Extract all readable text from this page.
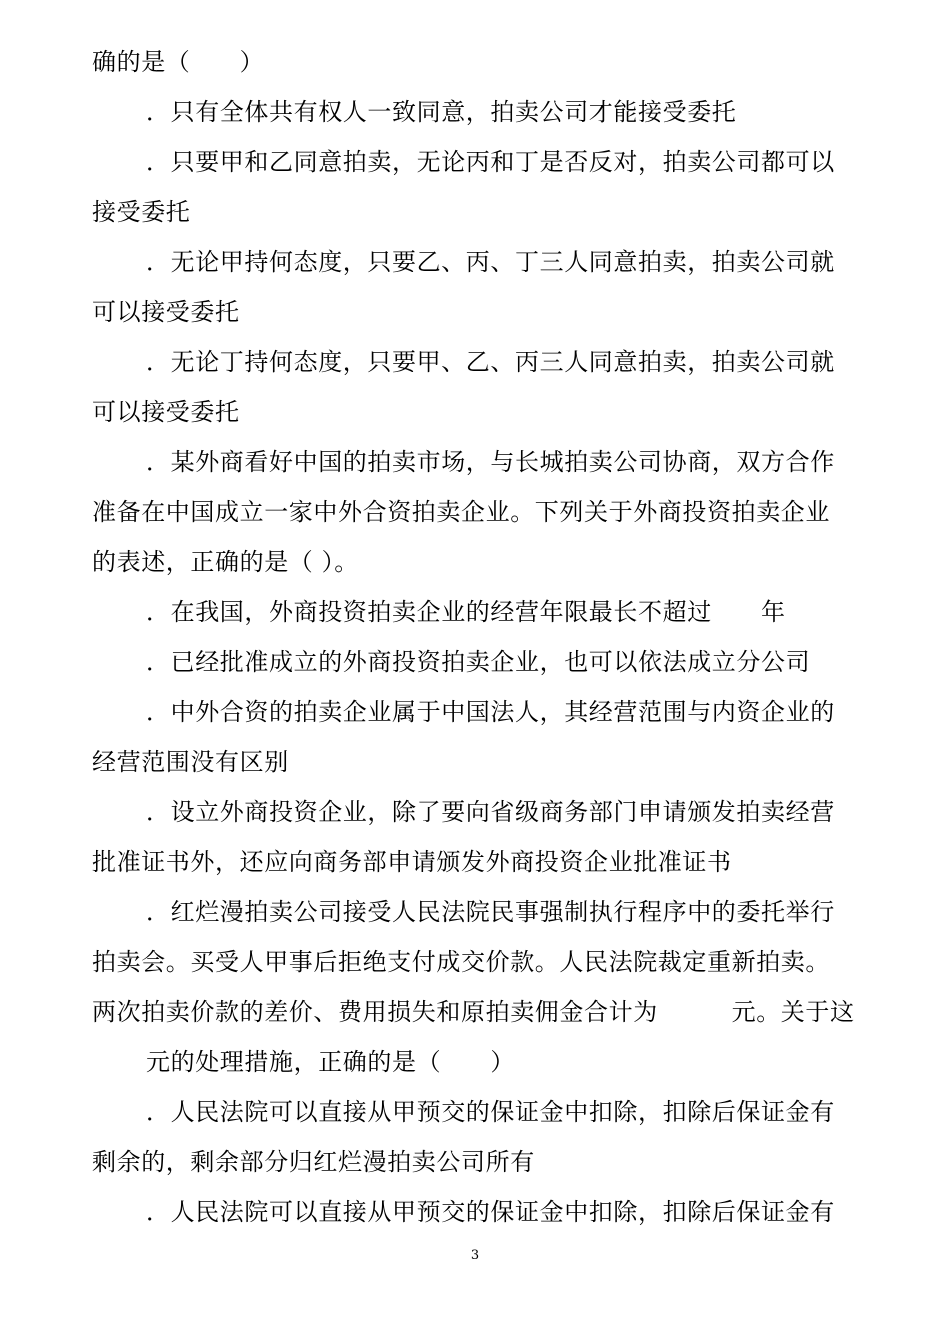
确的是（　　）
．只有全体共有权人一致同意，拍卖公司才能接受委托
．只要甲和乙同意拍卖，无论丙和丁是否反对，拍卖公司都可以
接受委托
．无论甲持何态度，只要乙、丙、丁三人同意拍卖，拍卖公司就
可以接受委托
．无论丁持何态度，只要甲、乙、丙三人同意拍卖，拍卖公司就
可以接受委托
．某外商看好中国的拍卖市场，与长城拍卖公司协商，双方合作
准备在中国成立一家中外合资拍卖企业。下列关于外商投资拍卖企业
的表述，正确的是（ ）。
．在我国，外商投资拍卖企业的经营年限最长不超过　　年
．已经批准成立的外商投资拍卖企业，也可以依法成立分公司
．中外合资的拍卖企业属于中国法人，其经营范围与内资企业的
经营范围没有区别
．设立外商投资企业，除了要向省级商务部门申请颁发拍卖经营
批准证书外，还应向商务部申请颁发外商投资企业批准证书
．红烂漫拍卖公司接受人民法院民事强制执行程序中的委托举行
拍卖会。买受人甲事后拒绝支付成交价款。人民法院裁定重新拍卖。
两次拍卖价款的差价、费用损失和原拍卖佣金合计为　　　元。关于这
元的处理措施，正确的是（　　）
．人民法院可以直接从甲预交的保证金中扣除，扣除后保证金有
剩余的，剩余部分归红烂漫拍卖公司所有
．人民法院可以直接从甲预交的保证金中扣除，扣除后保证金有
3
